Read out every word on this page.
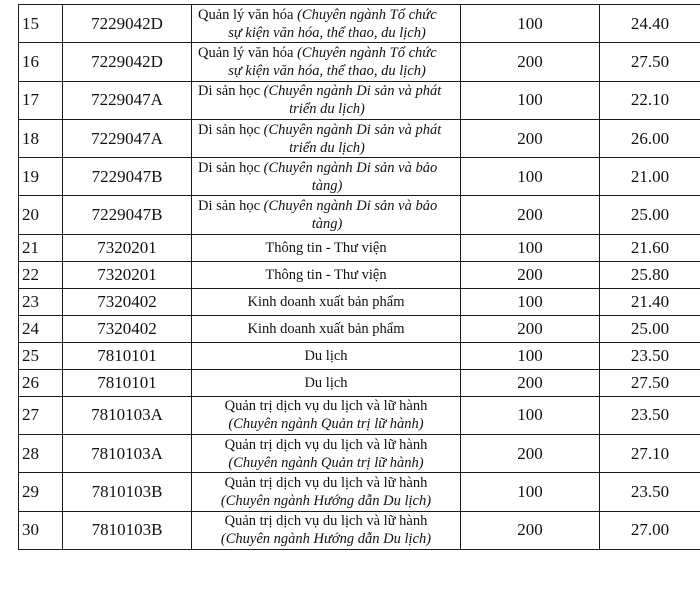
15	7229042D	Quản lý văn hóa (Chuyên ngành Tổ chức
sự kiện văn hóa, thể thao, du lịch)	100	24.40
16	7229042D	Quản lý văn hóa (Chuyên ngành Tổ chức
sự kiện văn hóa, thể thao, du lịch)	200	27.50
17	7229047A	Di sản học (Chuyên ngành Di sản và phát
triển du lịch)	100	22.10
18	7229047A	Di sản học (Chuyên ngành Di sản và phát
triển du lịch)	200	26.00
19	7229047B	Di sản học (Chuyên ngành Di sản và bảo
tàng)	100	21.00
20	7229047B	Di sản học (Chuyên ngành Di sản và bảo
tàng)	200	25.00
21	7320201	Thông tin - Thư viện	100	21.60
22	7320201	Thông tin - Thư viện	200	25.80
23	7320402	Kinh doanh xuất bản phẩm	100	21.40
24	7320402	Kinh doanh xuất bản phẩm	200	25.00
25	7810101	Du lịch	100	23.50
26	7810101	Du lịch	200	27.50
27	7810103A	Quản trị dịch vụ du lịch và lữ hành
(Chuyên ngành Quản trị lữ hành)	100	23.50
28	7810103A	Quản trị dịch vụ du lịch và lữ hành
(Chuyên ngành Quản trị lữ hành)	200	27.10
29	7810103B	Quản trị dịch vụ du lịch và lữ hành
(Chuyên ngành Hướng dẫn Du lịch)	100	23.50
30	7810103B	Quản trị dịch vụ du lịch và lữ hành
(Chuyên ngành Hướng dẫn Du lịch)	200	27.00
